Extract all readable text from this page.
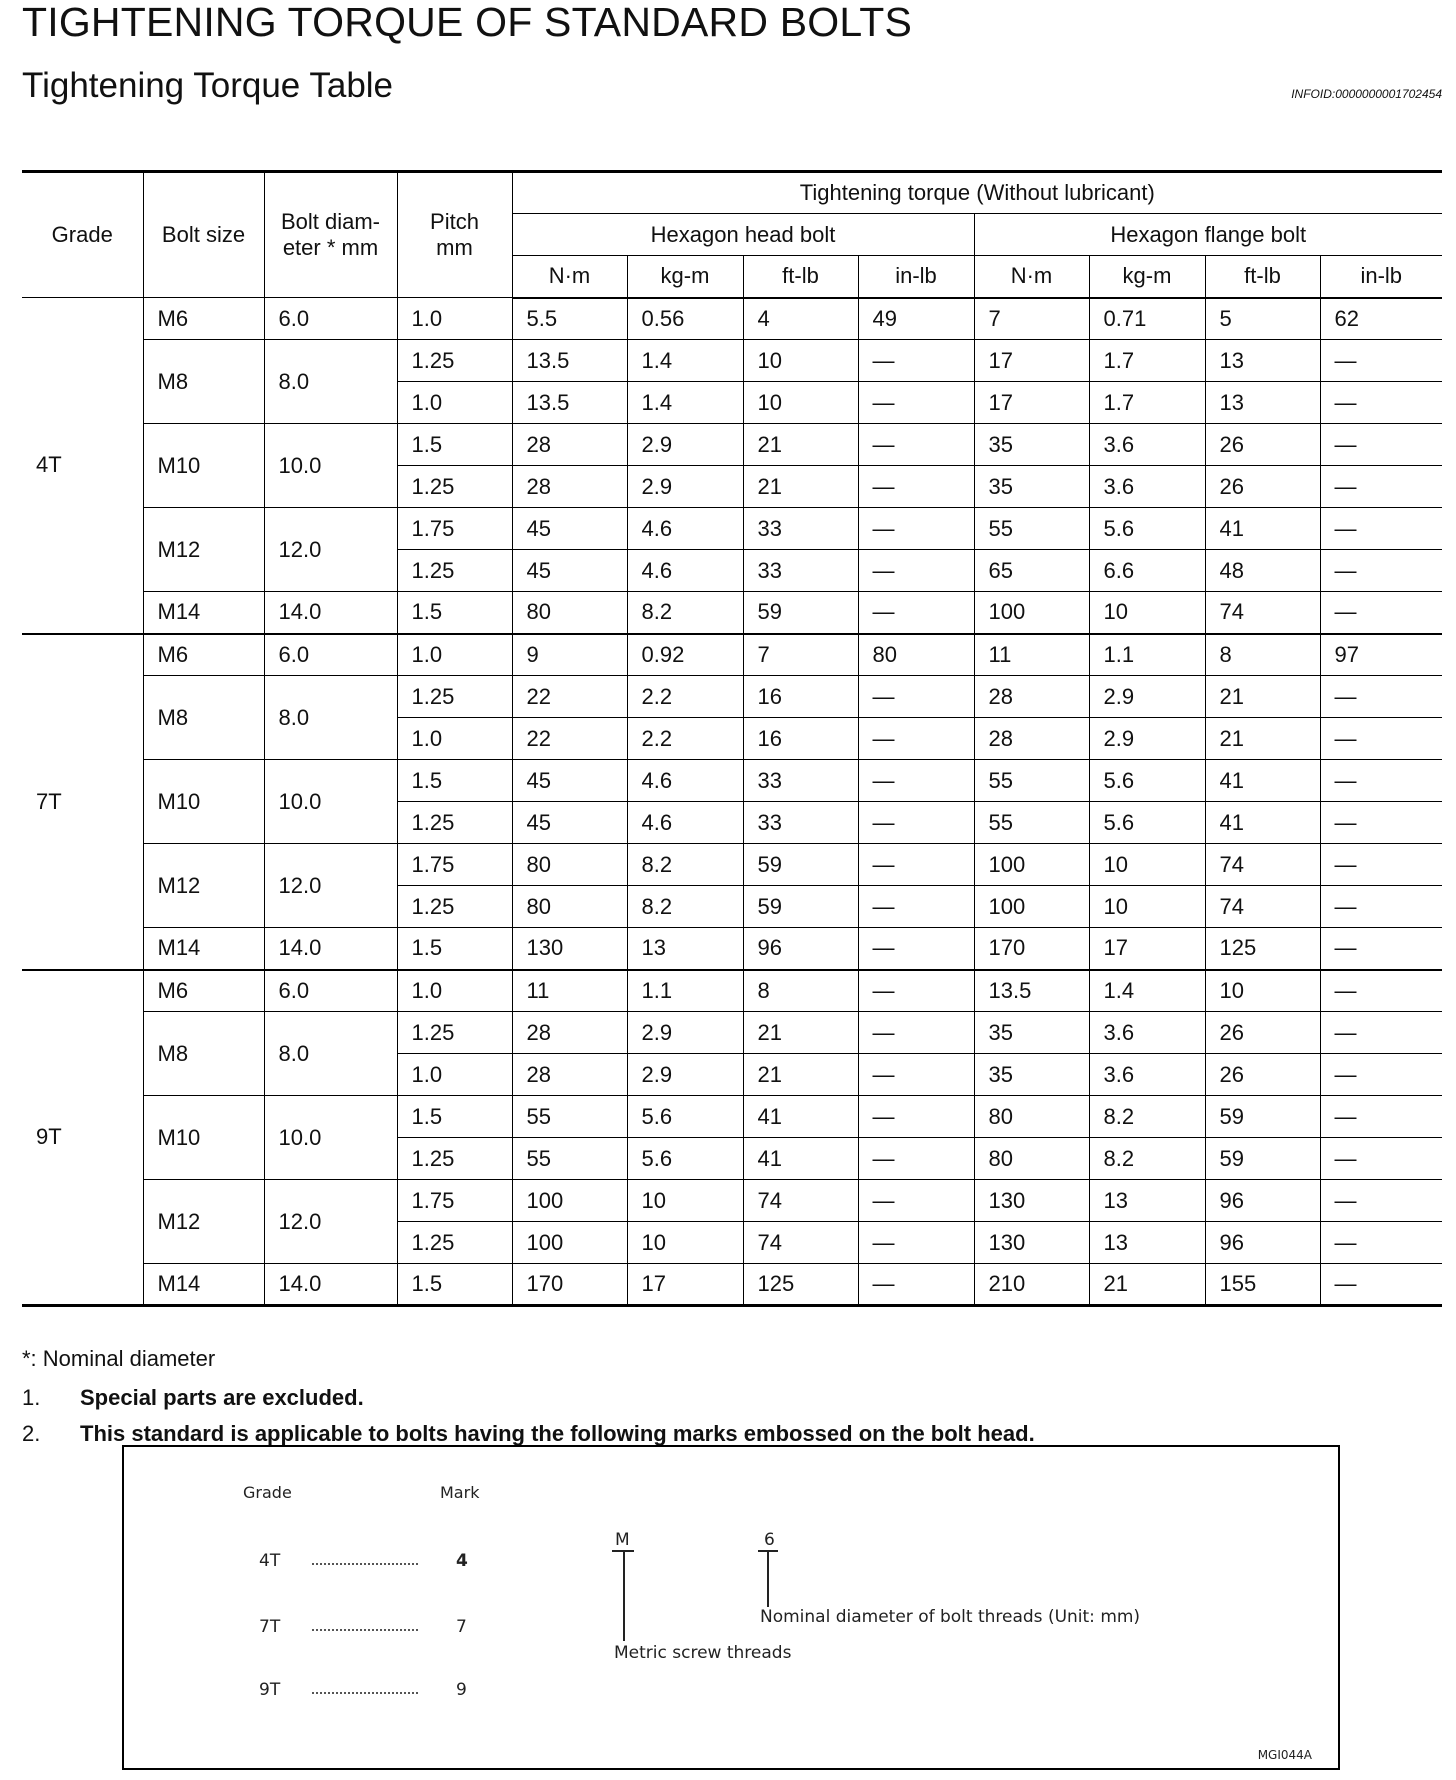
TIGHTENING TORQUE OF STANDARD BOLTS
Tightening Torque Table	INFOID:0000000001702454
Grade	Bolt size	Bolt diam-eter * mm	Pitch mm	Tightening torque (Without lubricant)							
				Hexagon head bolt				Hexagon flange bolt			
				N·m	kg-m	ft-lb	in-lb	N·m	kg-m	ft-lb	in-lb
4T	M6	6.0	1.0	5.5	0.56	4	49	7	0.71	5	62
	M8	8.0	1.25	13.5	1.4	10	—	17	1.7	13	—
			1.0	13.5	1.4	10	—	17	1.7	13	—
	M10	10.0	1.5	28	2.9	21	—	35	3.6	26	—
			1.25	28	2.9	21	—	35	3.6	26	—
	M12	12.0	1.75	45	4.6	33	—	55	5.6	41	—
			1.25	45	4.6	33	—	65	6.6	48	—
	M14	14.0	1.5	80	8.2	59	—	100	10	74	—
7T	M6	6.0	1.0	9	0.92	7	80	11	1.1	8	97
	M8	8.0	1.25	22	2.2	16	—	28	2.9	21	—
			1.0	22	2.2	16	—	28	2.9	21	—
	M10	10.0	1.5	45	4.6	33	—	55	5.6	41	—
			1.25	45	4.6	33	—	55	5.6	41	—
	M12	12.0	1.75	80	8.2	59	—	100	10	74	—
			1.25	80	8.2	59	—	100	10	74	—
	M14	14.0	1.5	130	13	96	—	170	17	125	—
9T	M6	6.0	1.0	11	1.1	8	—	13.5	1.4	10	—
	M8	8.0	1.25	28	2.9	21	—	35	3.6	26	—
			1.0	28	2.9	21	—	35	3.6	26	—
	M10	10.0	1.5	55	5.6	41	—	80	8.2	59	—
			1.25	55	5.6	41	—	80	8.2	59	—
	M12	12.0	1.75	100	10	74	—	130	13	96	—
			1.25	100	10	74	—	130	13	96	—
	M14	14.0	1.5	170	17	125	—	210	21	155	—
*: Nominal diameter
1. Special parts are excluded.
2. This standard is applicable to bolts having the following marks embossed on the bolt head.
Grade	Mark
4T	4
7T	7
9T	9
M
Metric screw threads
6
Nominal diameter of bolt threads (Unit: mm)
MGI044A
